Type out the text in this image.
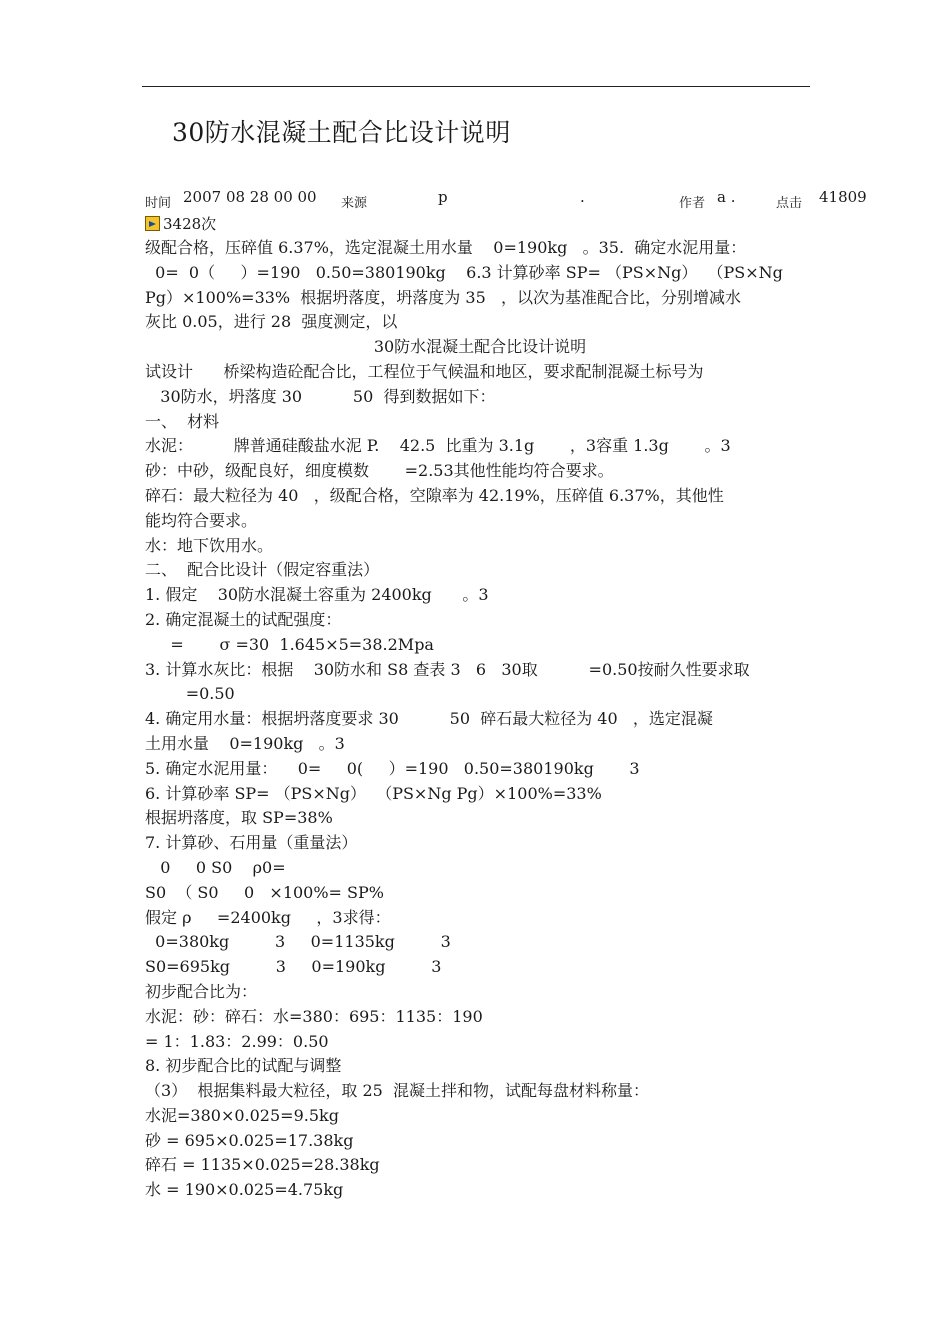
30防水混凝土配合比设计说明
时间 2007 08 28 00 00 来源	p	.	作者 a .	点击 41809
3428次

级配合格，压碎值 6.37%，选定混凝土用水量    0=190kg   。35.  确定水泥用量：

0=  0（     ）=190   0.50=380190kg    6.3 计算砂率 SP= （PS×Ng）  （PS×Ng

Pg）×100%=33%  根据坍落度，坍落度为 35   ，以次为基准配合比，分别增减水

灰比 0.05，进行 28  强度测定，以

30防水混凝土配合比设计说明

试设计      桥梁构造砼配合比，工程位于气候温和地区，要求配制混凝土标号为

30防水，坍落度 30          50  得到数据如下：

一、  材料

水泥：        牌普通硅酸盐水泥 P.    42.5  比重为 3.1g       ，3容重 1.3g       。3

砂：中砂，级配良好，细度模数       =2.53其他性能均符合要求。

碎石：最大粒径为 40   ，级配合格，空隙率为 42.19%，压碎值 6.37%，其他性

能均符合要求。

水：地下饮用水。

二、  配合比设计（假定容重法）

1. 假定    30防水混凝土容重为 2400kg      。3

2. 确定混凝土的试配强度：

=       σ =30  1.645×5=38.2Mpa

3. 计算水灰比：根据    30防水和 S8 查表 3   6   30取          =0.50按耐久性要求取

=0.50

4. 确定用水量：根据坍落度要求 30          50  碎石最大粒径为 40   ，选定混凝

土用水量    0=190kg   。3

5. 确定水泥用量：    0=     0(     ）=190   0.50=380190kg       3

6. 计算砂率 SP= （PS×Ng）  （PS×Ng Pg）×100%=33%

根据坍落度，取 SP=38%

7. 计算砂、石用量（重量法）

0     0 S0    ρ0=

S0  （ S0     0   ×100%= SP%

假定 ρ     =2400kg     ，3求得：

0=380kg         3     0=1135kg         3

S0=695kg         3     0=190kg         3

初步配合比为：

水泥：砂：碎石：水=380：695：1135：190

= 1：1.83：2.99：0.50

8. 初步配合比的试配与调整

（3）  根据集料最大粒径，取 25  混凝土拌和物，试配每盘材料称量：

水泥=380×0.025=9.5kg

砂 = 695×0.025=17.38kg

碎石 = 1135×0.025=28.38kg

水 = 190×0.025=4.75kg
